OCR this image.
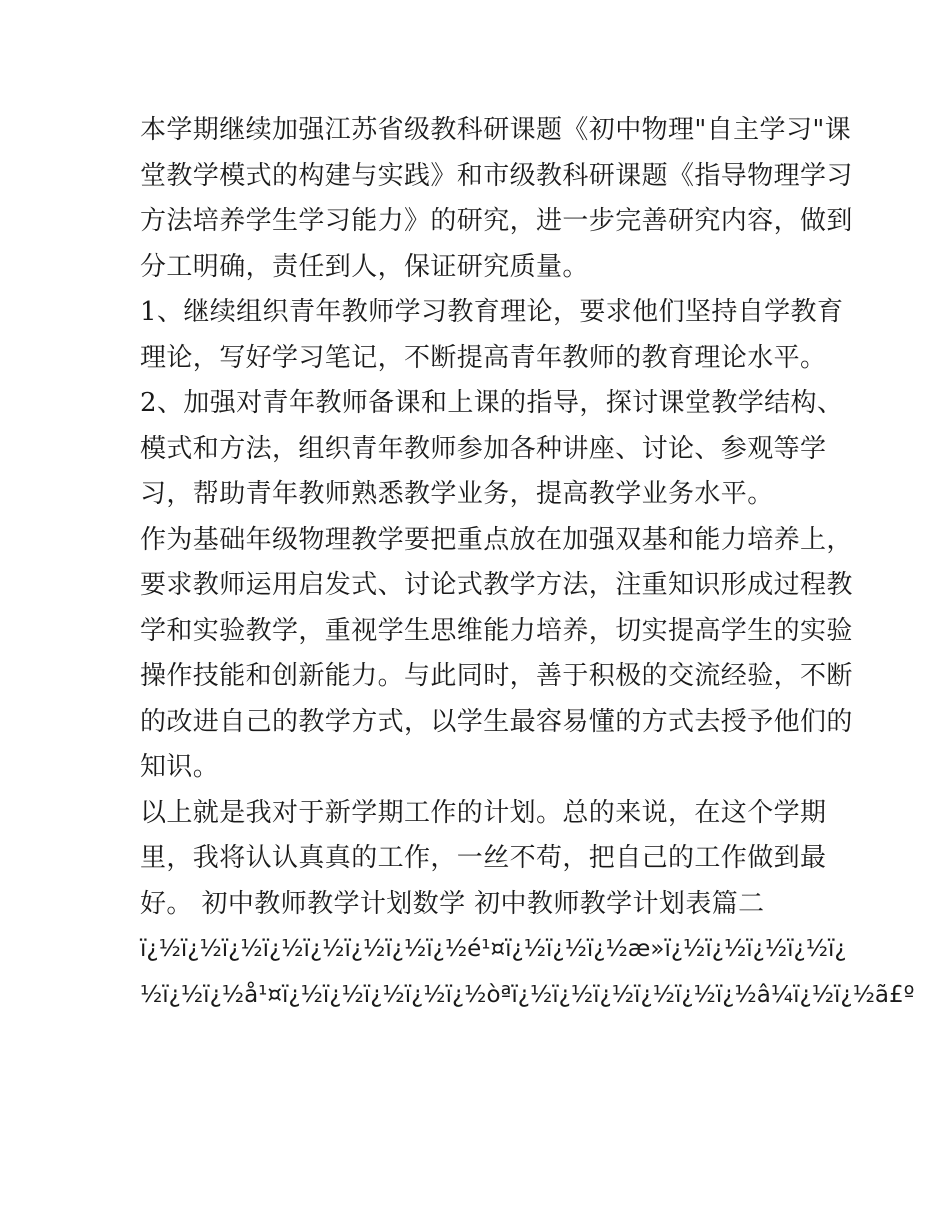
本学期继续加强江苏省级教科研课题《初中物理"自主学习"课
堂教学模式的构建与实践》和市级教科研课题《指导物理学习
方法培养学生学习能力》的研究，进一步完善研究内容，做到
分工明确，责任到人，保证研究质量。
1、继续组织青年教师学习教育理论，要求他们坚持自学教育
理论，写好学习笔记，不断提高青年教师的教育理论水平。
2、加强对青年教师备课和上课的指导，探讨课堂教学结构、
模式和方法，组织青年教师参加各种讲座、讨论、参观等学
习，帮助青年教师熟悉教学业务，提高教学业务水平。
作为基础年级物理教学要把重点放在加强双基和能力培养上，
要求教师运用启发式、讨论式教学方法，注重知识形成过程教
学和实验教学，重视学生思维能力培养，切实提高学生的实验
操作技能和创新能力。与此同时，善于积极的交流经验，不断
的改进自己的教学方式，以学生最容易懂的方式去授予他们的
知识。
以上就是我对于新学期工作的计划。总的来说，在这个学期
里，我将认认真真的工作，一丝不苟，把自己的工作做到最
好。 初中教师教学计划数学 初中教师教学计划表篇二
ï¿½ï¿½ï¿½ï¿½ï¿½ï¿½ï¿½ï¿½é¹¤ï¿½ï¿½ï¿½æ»ï¿½ï¿½ï¿½ï¿½ï¿
½ï¿½ï¿½å¹¤ï¿½ï¿½ï¿½ï¿½ï¿½òªï¿½ï¿½ï¿½ï¿½ï¿½ï¿½â¼ï¿½ï¿½ã£º
